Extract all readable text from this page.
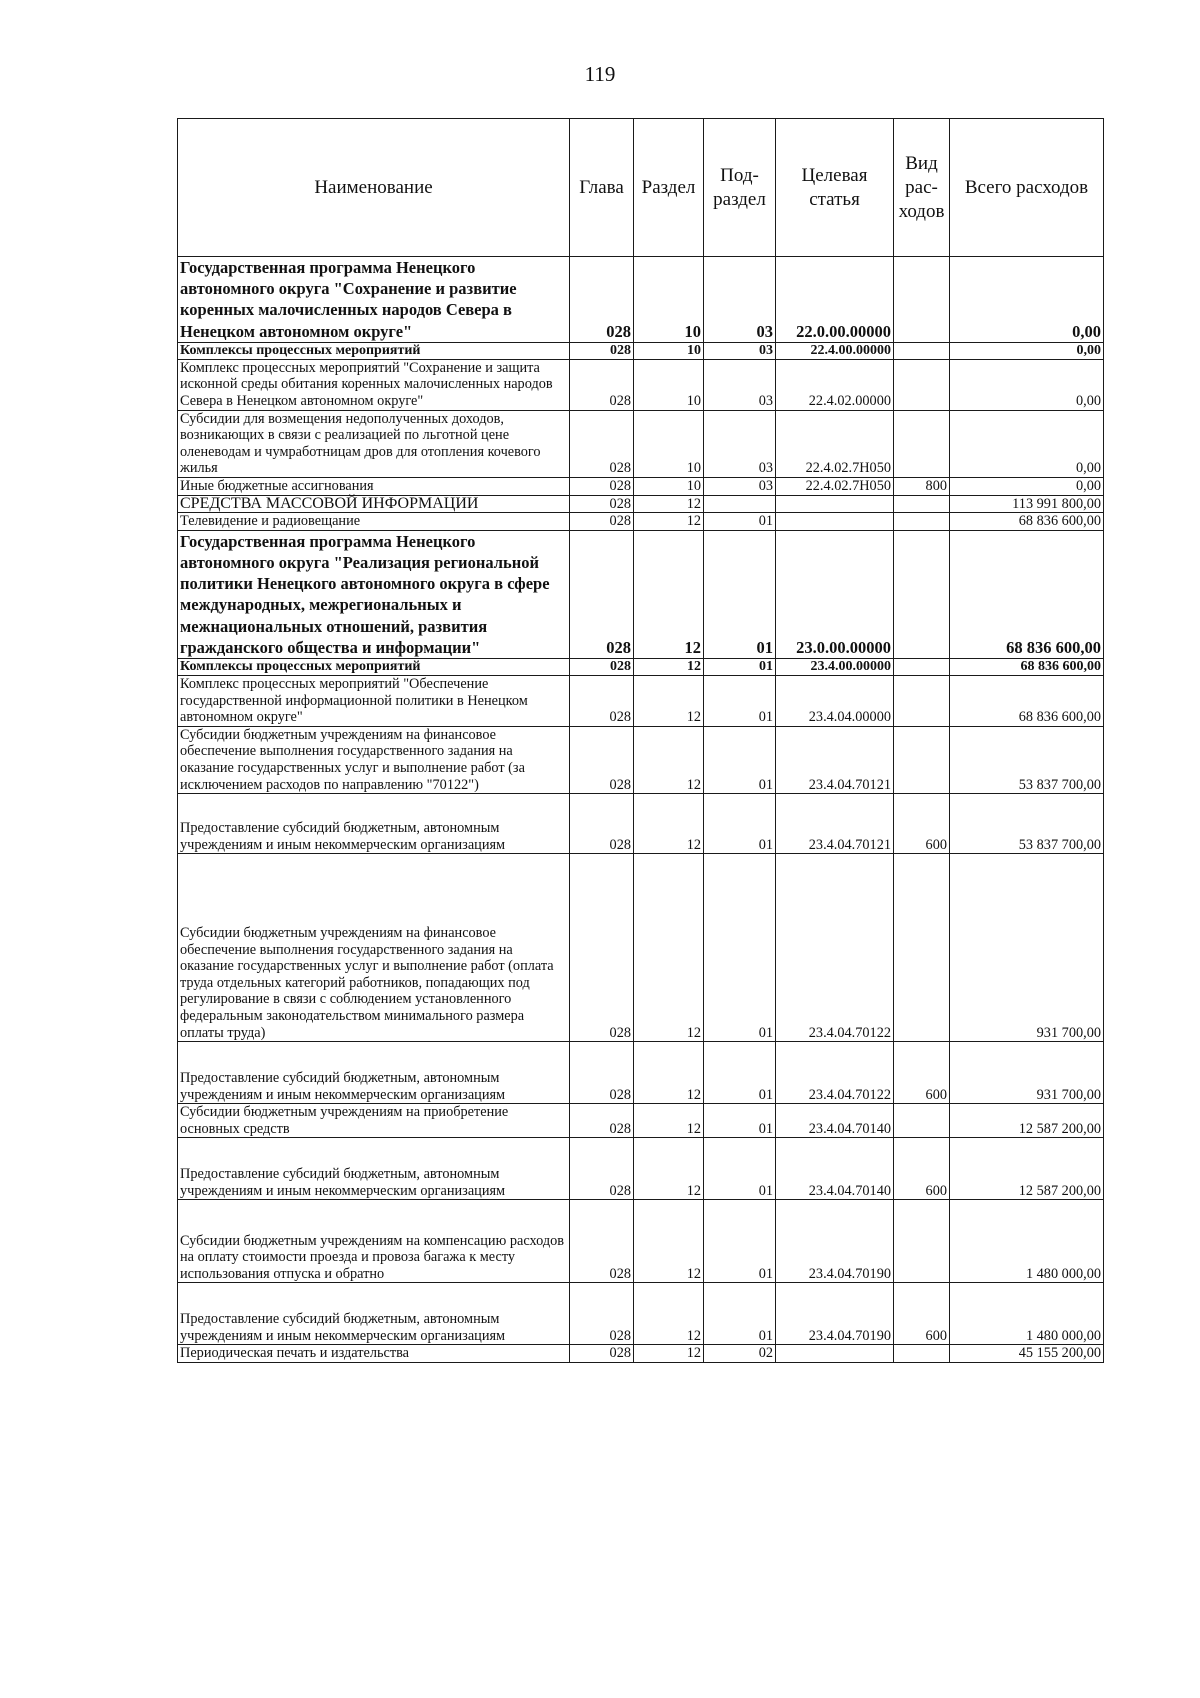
119
Наименование	Глава	Раздел	Под-раздел	Целевая статья	Вид рас-ходов	Всего расходов
Государственная программа Ненецкого автономного округа "Сохранение и развитие коренных малочисленных народов Севера в Ненецком автономном округе"	028	10	03	22.0.00.00000		0,00
Комплексы процессных мероприятий	028	10	03	22.4.00.00000		0,00
Комплекс процессных мероприятий "Сохранение и защита исконной среды обитания коренных малочисленных народов Севера в Ненецком автономном округе"	028	10	03	22.4.02.00000		0,00
Субсидии для возмещения недополученных доходов, возникающих в связи с реализацией по льготной цене оленеводам и чумработницам дров для отопления кочевого жилья	028	10	03	22.4.02.7Н050		0,00
Иные бюджетные ассигнования	028	10	03	22.4.02.7Н050	800	0,00
СРЕДСТВА МАССОВОЙ ИНФОРМАЦИИ	028	12				113 991 800,00
Телевидение и радиовещание	028	12	01			68 836 600,00
Государственная программа Ненецкого автономного округа "Реализация региональной политики Ненецкого автономного округа в сфере международных, межрегиональных и межнациональных отношений, развития гражданского общества и информации"	028	12	01	23.0.00.00000		68 836 600,00
Комплексы процессных мероприятий	028	12	01	23.4.00.00000		68 836 600,00
Комплекс процессных мероприятий "Обеспечение государственной информационной политики в Ненецком автономном округе"	028	12	01	23.4.04.00000		68 836 600,00
Субсидии бюджетным учреждениям на финансовое обеспечение выполнения государственного задания на оказание государственных услуг и выполнение работ (за исключением расходов по направлению "70122")	028	12	01	23.4.04.70121		53 837 700,00
Предоставление субсидий бюджетным, автономным учреждениям и иным некоммерческим организациям	028	12	01	23.4.04.70121	600	53 837 700,00
Субсидии бюджетным учреждениям на финансовое обеспечение выполнения государственного задания на оказание государственных услуг и выполнение работ (оплата труда отдельных категорий работников, попадающих под регулирование в связи с соблюдением установленного федеральным законодательством минимального размера оплаты труда)	028	12	01	23.4.04.70122		931 700,00
Предоставление субсидий бюджетным, автономным учреждениям и иным некоммерческим организациям	028	12	01	23.4.04.70122	600	931 700,00
Субсидии бюджетным учреждениям на приобретение основных средств	028	12	01	23.4.04.70140		12 587 200,00
Предоставление субсидий бюджетным, автономным учреждениям и иным некоммерческим организациям	028	12	01	23.4.04.70140	600	12 587 200,00
Субсидии бюджетным учреждениям на компенсацию расходов на оплату стоимости проезда и провоза багажа к месту использования отпуска и обратно	028	12	01	23.4.04.70190		1 480 000,00
Предоставление субсидий бюджетным, автономным учреждениям и иным некоммерческим организациям	028	12	01	23.4.04.70190	600	1 480 000,00
Периодическая печать и издательства	028	12	02			45 155 200,00
